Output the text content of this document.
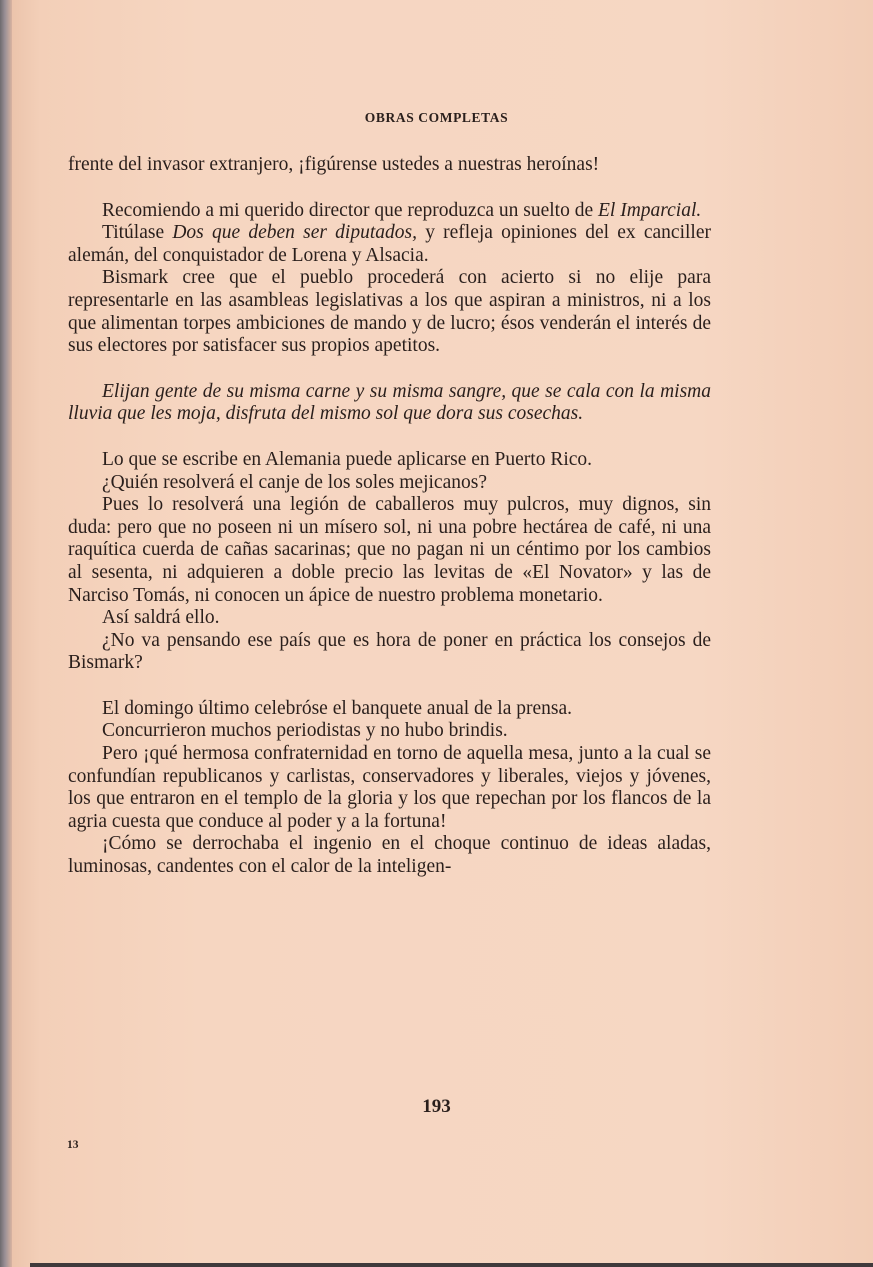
OBRAS COMPLETAS

frente del invasor extranjero, ¡figúrense ustedes a nuestras heroínas!

Recomiendo a mi querido director que reproduzca un suelto de El Imparcial.

Titúlase Dos que deben ser diputados, y refleja opiniones del ex canciller alemán, del conquistador de Lorena y Alsacia.

Bismark cree que el pueblo procederá con acierto si no elije para representarle en las asambleas legislativas a los que aspiran a ministros, ni a los que alimentan torpes ambiciones de mando y de lucro; ésos venderán el interés de sus electores por satisfacer sus propios apetitos.

Elijan gente de su misma carne y su misma sangre, que se cala con la misma lluvia que les moja, disfruta del mismo sol que dora sus cosechas.

Lo que se escribe en Alemania puede aplicarse en Puerto Rico.

¿Quién resolverá el canje de los soles mejicanos?

Pues lo resolverá una legión de caballeros muy pulcros, muy dignos, sin duda: pero que no poseen ni un mísero sol, ni una pobre hectárea de café, ni una raquítica cuerda de cañas sacarinas; que no pagan ni un céntimo por los cambios al sesenta, ni adquieren a doble precio las levitas de «El Novator» y las de Narciso Tomás, ni conocen un ápice de nuestro problema monetario.

Así saldrá ello.

¿No va pensando ese país que es hora de poner en práctica los consejos de Bismark?

El domingo último celebróse el banquete anual de la prensa.

Concurrieron muchos periodistas y no hubo brindis.

Pero ¡qué hermosa confraternidad en torno de aquella mesa, junto a la cual se confundían republicanos y carlistas, conservadores y liberales, viejos y jóvenes, los que entraron en el templo de la gloria y los que repechan por los flancos de la agria cuesta que conduce al poder y a la fortuna!

¡Cómo se derrochaba el ingenio en el choque continuo de ideas aladas, luminosas, candentes con el calor de la inteligen-

193
13
